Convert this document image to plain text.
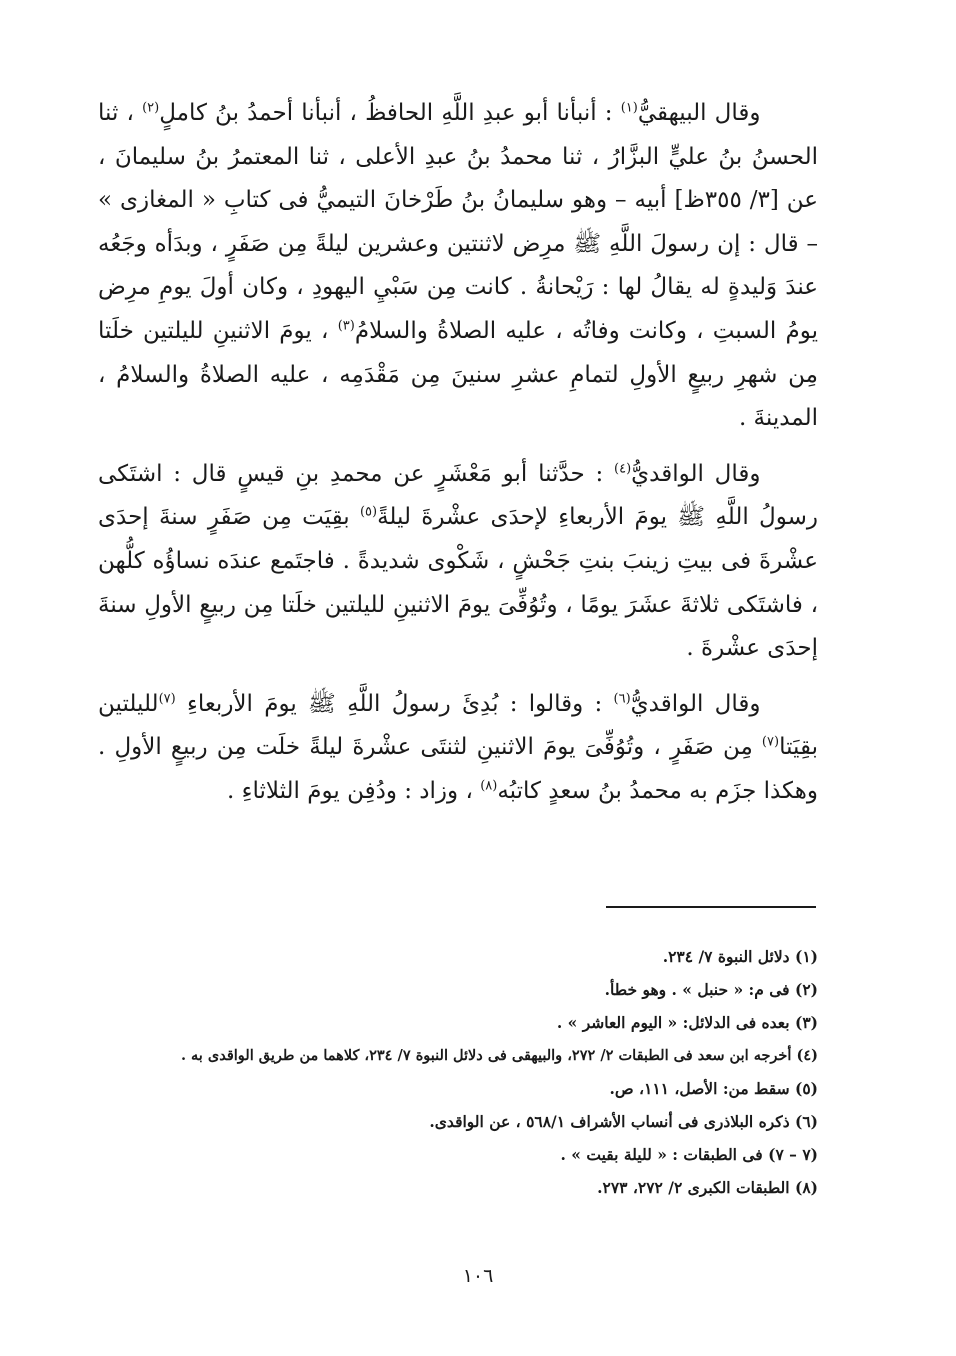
وقال البيهقيُّ$^{(١)}$ : أنبأنا أبو عبدِ اللَّهِ الحافظُ ، أنبأنا أحمدُ بنُ كاملٍ$^{(٢)}$ ، ثنا الحسنُ بنُ عليٍّ البزَّارُ ، ثنا محمدُ بنُ عبدِ الأعلى ، ثنا المعتمرُ بنُ سليمانَ ، عن [٣/ ٣٥٥ظ] أبيه – وهو سليمانُ بنُ طَرْخانَ التيميُّ فى كتابِ « المغازى » – قال : إن رسولَ اللَّهِ ﷺ مرِض لاثنتين وعشرين ليلةً مِن صَفَرٍ ، وبدَأه وجَعُه عندَ وَليدةٍ له يقالُ لها : رَيْحانةُ . كانت مِن سَبْيِ اليهودِ ، وكان أولَ يومِ مرِض يومُ السبتِ ، وكانت وفاتُه ، عليه الصلاةُ والسلامُ$^{(٣)}$ ، يومَ الاثنينِ لليلتين خلَتا مِن شهرِ ربيعٍ الأولِ لتمامِ عشرِ سنينَ مِن مَقْدَمِه ، عليه الصلاةُ والسلامُ ، المدينةَ .

وقال الواقديُّ$^{(٤)}$ : حدَّثنا أبو مَعْشَرٍ عن محمدِ بنِ قيسٍ قال : اشتَكى رسولُ اللَّهِ ﷺ يومَ الأربعاءِ لإحدَى عشْرةَ ليلةً$^{(٥)}$ بقِيَت مِن صَفَرٍ سنةَ إحدَى عشْرةَ فى بيتِ زينبَ بنتِ جَحْشٍ ، شَكْوى شديدةً . فاجتَمع عندَه نساؤُه كلُّهن ، فاشتَكى ثلاثةَ عشَرَ يومًا ، وتُوُفِّىَ يومَ الاثنينِ لليلتين خلَتا مِن ربيعٍ الأولِ سنةَ إحدَى عشْرةَ .

وقال الواقديُّ$^{(٦)}$ : وقالوا : بُدِئَ رسولُ اللَّهِ ﷺ يومَ الأربعاءِ $^{(٧)}$لليلتين بقِيَتا$^{(٧)}$ مِن صَفَرٍ ، وتُوُفِّىَ يومَ الاثنينِ لثنتَى عشْرةَ ليلةً خلَت مِن ربيعٍ الأولِ . وهكذا جزَم به محمدُ بنُ سعدٍ كاتبُه$^{(٨)}$ ، وزاد : ودُفِن يومَ الثلاثاءِ .

(١) دلائل النبوة ٧/ ٢٣٤.

(٢) فى م: « حنبل » . وهو خطأ.

(٣) بعده فى الدلائل: « اليوم العاشر » .

(٤) أخرجه ابن سعد فى الطبقات ٢/ ٢٧٢، والبيهقى فى دلائل النبوة ٧/ ٢٣٤، كلاهما من طريق الواقدى به .

(٥) سقط من: الأصل، ١١١، ص.

(٦) ذكره البلاذرى فى أنساب الأشراف ٥٦٨/١ ، عن الواقدى.

(٧ – ٧) فى الطبقات : « لليلة بقيت » .

(٨) الطبقات الكبرى ٢/ ٢٧٢، ٢٧٣.

١٠٦
